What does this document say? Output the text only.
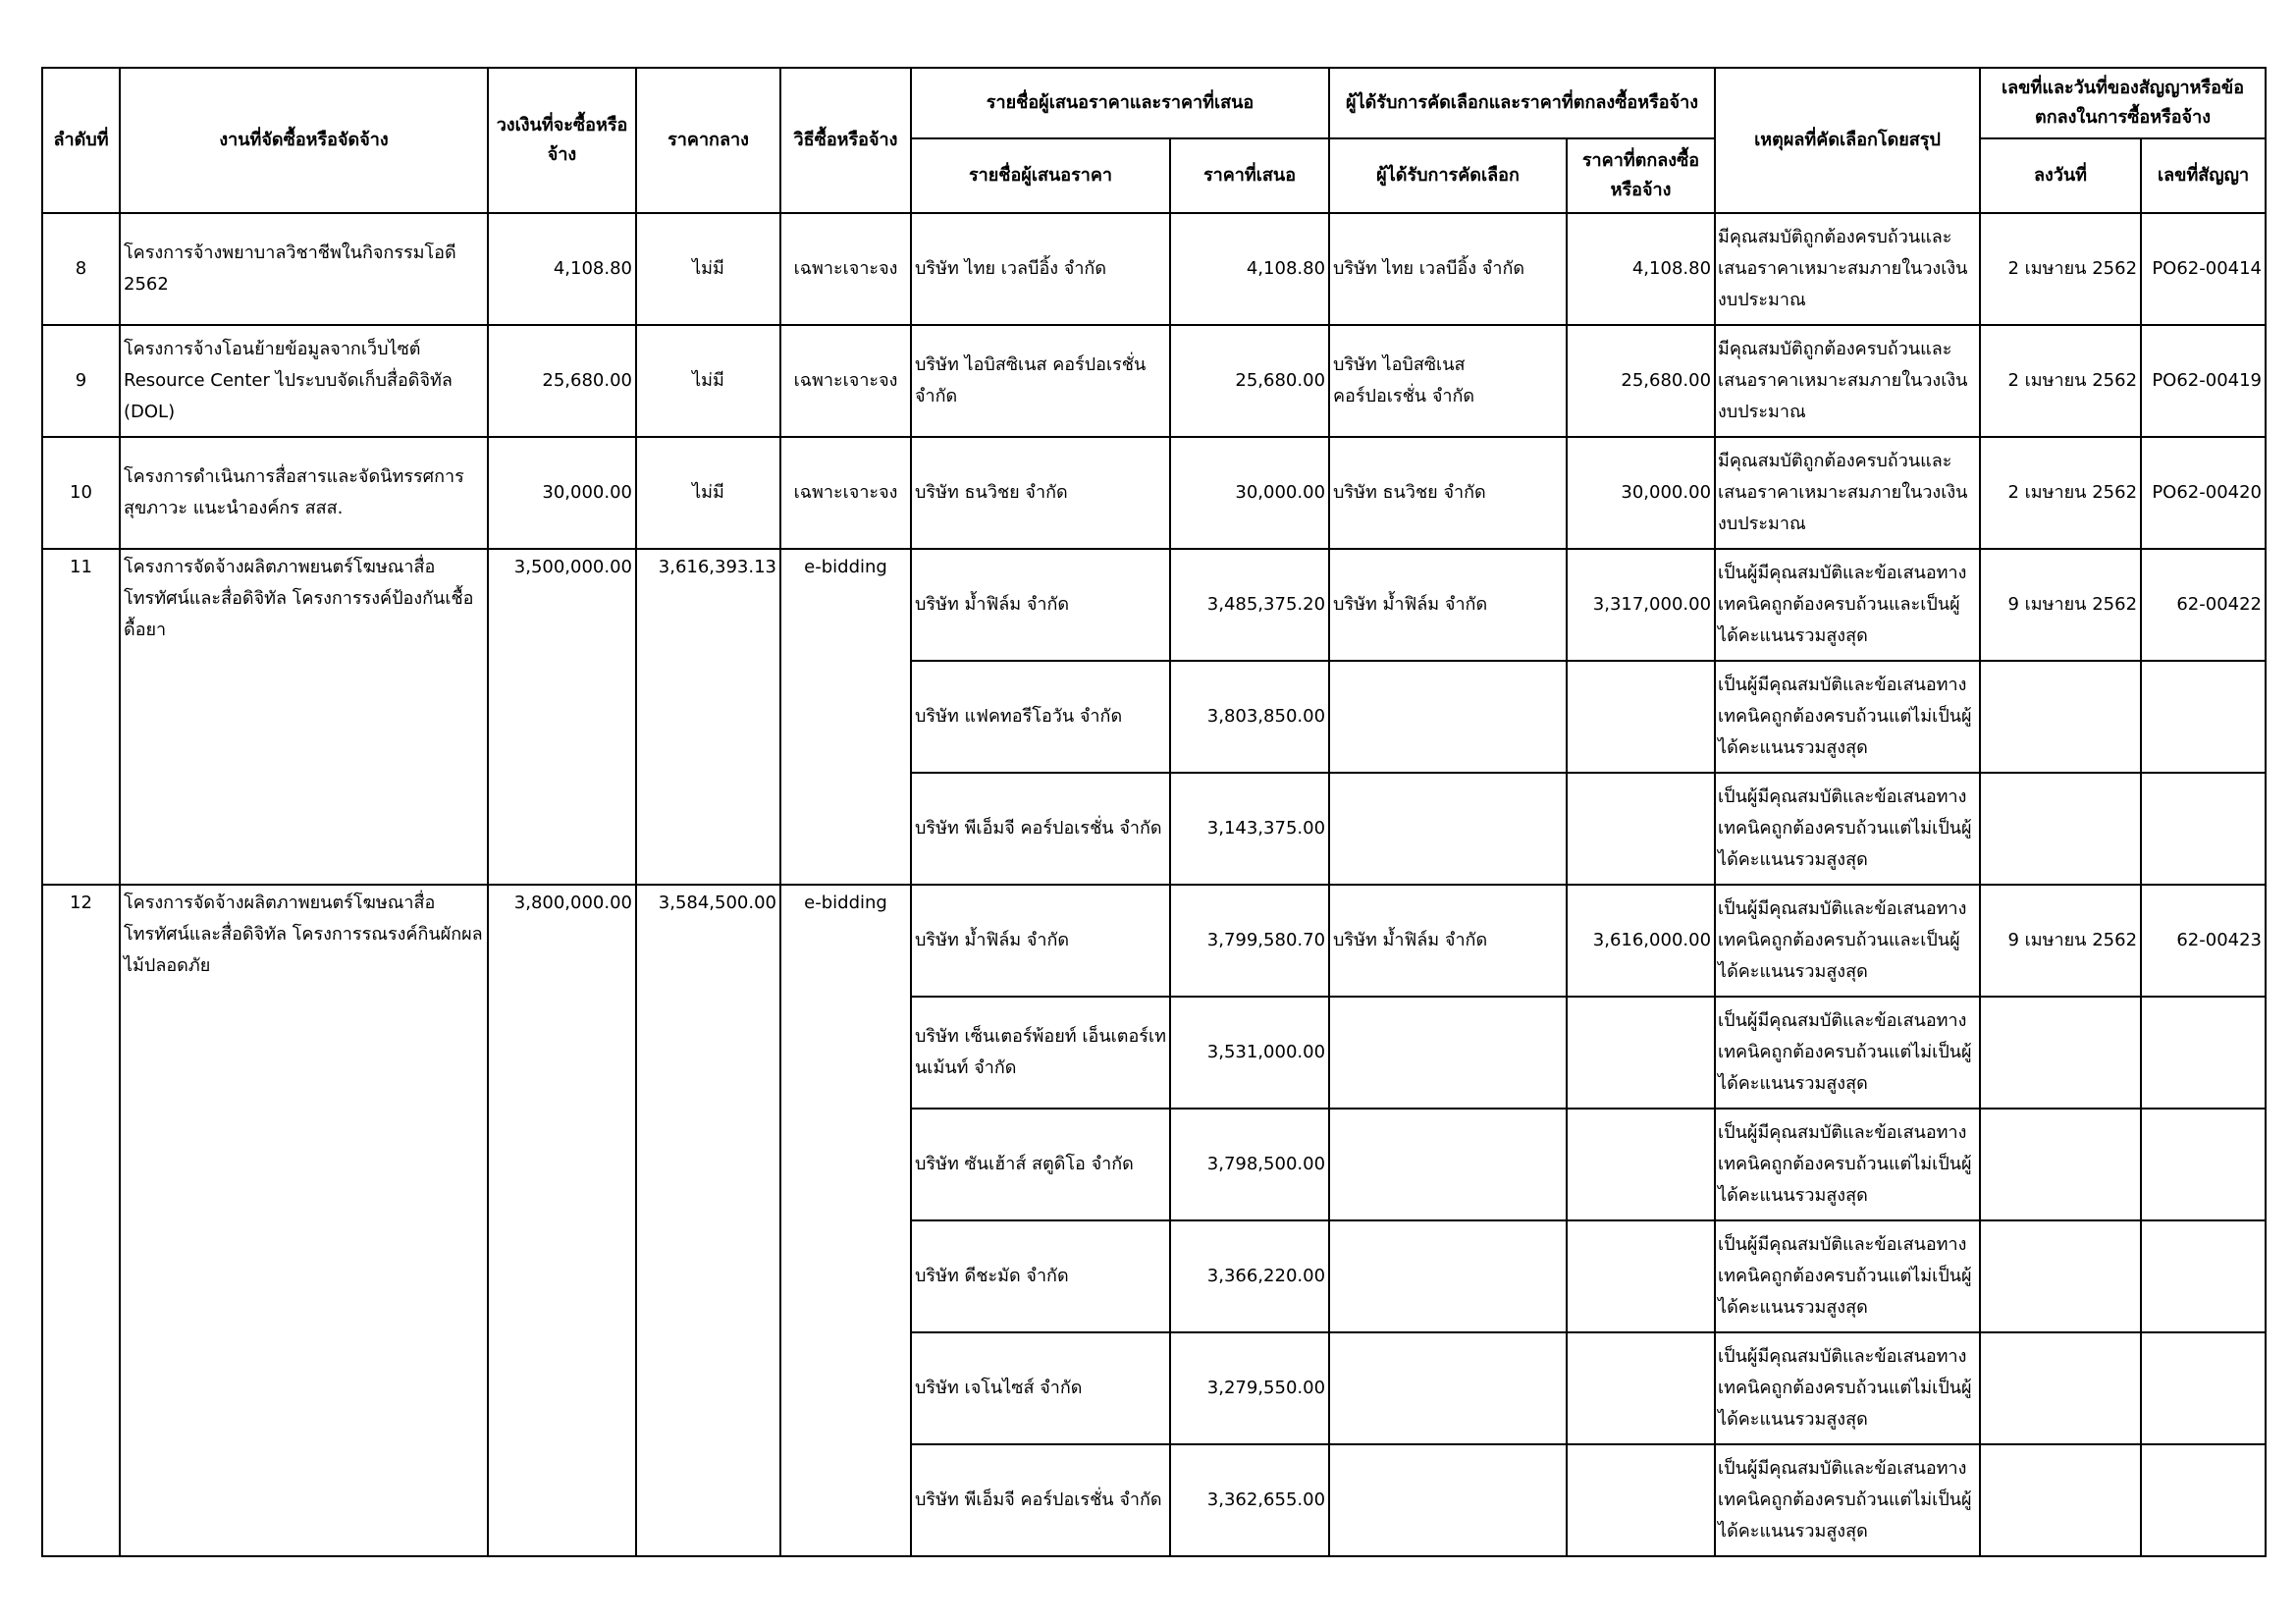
ลำดับที่	งานที่จัดซื้อหรือจัดจ้าง	วงเงินที่จะซื้อหรือจ้าง	ราคากลาง	วิธีซื้อหรือจ้าง	รายชื่อผู้เสนอราคาและราคาที่เสนอ		ผู้ได้รับการคัดเลือกและราคาที่ตกลงซื้อหรือจ้าง		เหตุผลที่คัดเลือกโดยสรุป	เลขที่และวันที่ของสัญญาหรือข้อตกลงในการซื้อหรือจ้าง	
					รายชื่อผู้เสนอราคา	ราคาที่เสนอ	ผู้ได้รับการคัดเลือก	ราคาที่ตกลงซื้อหรือจ้าง		ลงวันที่	เลขที่สัญญา
8	โครงการจ้างพยาบาลวิชาชีพในกิจกรรมโอดี 2562	4,108.80	ไม่มี	เฉพาะเจาะจง	บริษัท ไทย เวลบีอิ้ง จำกัด	4,108.80	บริษัท ไทย เวลบีอิ้ง จำกัด	4,108.80	มีคุณสมบัติถูกต้องครบถ้วนและเสนอราคาเหมาะสมภายในวงเงินงบประมาณ	2 เมษายน 2562	PO62-00414
9	โครงการจ้างโอนย้ายข้อมูลจากเว็บไซต์ Resource Center ไประบบจัดเก็บสื่อดิจิทัล (DOL)	25,680.00	ไม่มี	เฉพาะเจาะจง	บริษัท ไอบิสซิเนส คอร์ปอเรชั่น จำกัด	25,680.00	บริษัท ไอบิสซิเนส คอร์ปอเรชั่น จำกัด	25,680.00	มีคุณสมบัติถูกต้องครบถ้วนและเสนอราคาเหมาะสมภายในวงเงินงบประมาณ	2 เมษายน 2562	PO62-00419
10	โครงการดำเนินการสื่อสารและจัดนิทรรศการสุขภาวะ แนะนำองค์กร สสส.	30,000.00	ไม่มี	เฉพาะเจาะจง	บริษัท ธนวิชย จำกัด	30,000.00	บริษัท ธนวิชย จำกัด	30,000.00	มีคุณสมบัติถูกต้องครบถ้วนและเสนอราคาเหมาะสมภายในวงเงินงบประมาณ	2 เมษายน 2562	PO62-00420
11	โครงการจัดจ้างผลิตภาพยนตร์โฆษณาสื่อโทรทัศน์และสื่อดิจิทัล โครงการรงค์ป้องกันเชื้อดื้อยา	3,500,000.00	3,616,393.13	e-bidding	บริษัท ม้ำฟิล์ม จำกัด	3,485,375.20	บริษัท ม้ำฟิล์ม จำกัด	3,317,000.00	เป็นผู้มีคุณสมบัติและข้อเสนอทางเทคนิคถูกต้องครบถ้วนและเป็นผู้ได้คะแนนรวมสูงสุด	9 เมษายน 2562	62-00422
					บริษัท แฟคทอรีโอวัน จำกัด	3,803,850.00			เป็นผู้มีคุณสมบัติและข้อเสนอทางเทคนิคถูกต้องครบถ้วนแต่ไม่เป็นผู้ได้คะแนนรวมสูงสุด		
					บริษัท พีเอ็มจี คอร์ปอเรชั่น จำกัด	3,143,375.00			เป็นผู้มีคุณสมบัติและข้อเสนอทางเทคนิคถูกต้องครบถ้วนแต่ไม่เป็นผู้ได้คะแนนรวมสูงสุด		
12	โครงการจัดจ้างผลิตภาพยนตร์โฆษณาสื่อโทรทัศน์และสื่อดิจิทัล โครงการรณรงค์กินผักผลไม้ปลอดภัย	3,800,000.00	3,584,500.00	e-bidding	บริษัท ม้ำฟิล์ม จำกัด	3,799,580.70	บริษัท ม้ำฟิล์ม จำกัด	3,616,000.00	เป็นผู้มีคุณสมบัติและข้อเสนอทางเทคนิคถูกต้องครบถ้วนและเป็นผู้ได้คะแนนรวมสูงสุด	9 เมษายน 2562	62-00423
					บริษัท เซ็นเตอร์พ้อยท์ เอ็นเตอร์เทนเม้นท์ จำกัด	3,531,000.00			เป็นผู้มีคุณสมบัติและข้อเสนอทางเทคนิคถูกต้องครบถ้วนแต่ไม่เป็นผู้ได้คะแนนรวมสูงสุด		
					บริษัท ซันเฮ้าส์ สตูดิโอ จำกัด	3,798,500.00			เป็นผู้มีคุณสมบัติและข้อเสนอทางเทคนิคถูกต้องครบถ้วนแต่ไม่เป็นผู้ได้คะแนนรวมสูงสุด		
					บริษัท ดีชะมัด จำกัด	3,366,220.00			เป็นผู้มีคุณสมบัติและข้อเสนอทางเทคนิคถูกต้องครบถ้วนแต่ไม่เป็นผู้ได้คะแนนรวมสูงสุด		
					บริษัท เจโนไซส์ จำกัด	3,279,550.00			เป็นผู้มีคุณสมบัติและข้อเสนอทางเทคนิคถูกต้องครบถ้วนแต่ไม่เป็นผู้ได้คะแนนรวมสูงสุด		
					บริษัท พีเอ็มจี คอร์ปอเรชั่น จำกัด	3,362,655.00			เป็นผู้มีคุณสมบัติและข้อเสนอทางเทคนิคถูกต้องครบถ้วนแต่ไม่เป็นผู้ได้คะแนนรวมสูงสุด		
